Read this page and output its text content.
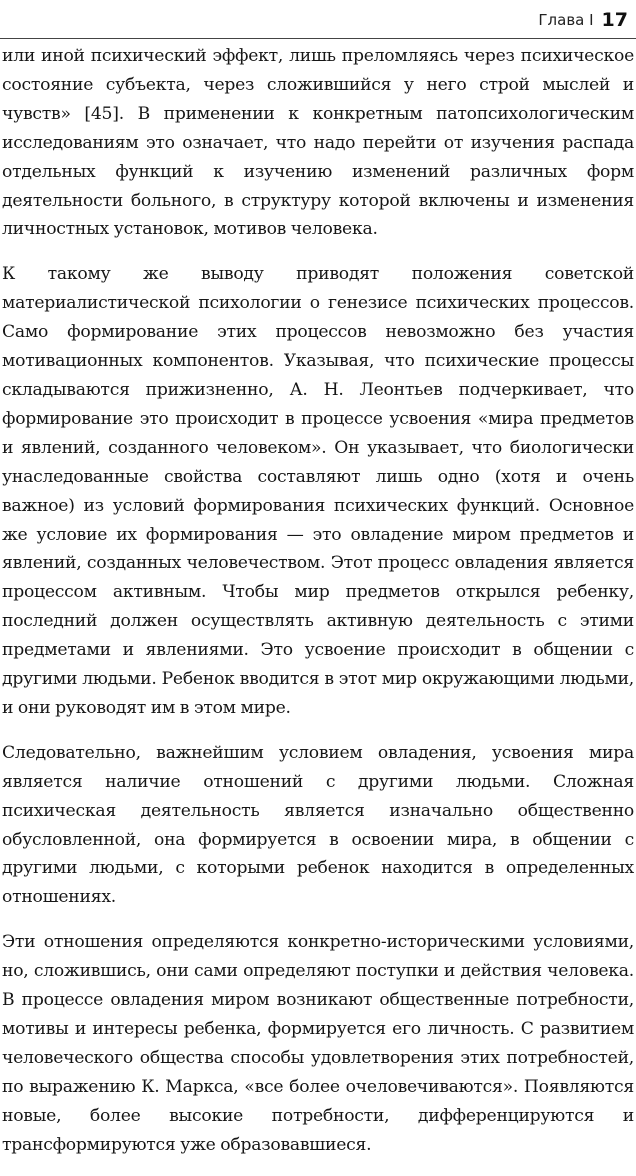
Глава I 17

или иной психический эффект, лишь преломляясь через психическое состояние субъекта, через сложившийся у него строй мыслей и чувств» [45]. В применении к конкретным патопсихологическим исследованиям это означает, что надо перейти от изучения распада отдельных функций к изучению изменений различных форм деятельности больного, в структуру которой включены и изменения личностных установок, мотивов человека.

К такому же выводу приводят положения советской материалистической психологии о генезисе психических процессов. Само формирование этих процессов невозможно без участия мотивационных компонентов. Указывая, что психические процессы складываются прижизненно, А. Н. Леонтьев подчеркивает, что формирование это происходит в процессе усвоения «мира предметов и явлений, созданного человеком». Он указывает, что биологически унаследованные свойства составляют лишь одно (хотя и очень важное) из условий формирования психических функций. Основное же условие их формирования — это овладение миром предметов и явлений, созданных человечеством. Этот процесс овладения является процессом активным. Чтобы мир предметов открылся ребенку, последний должен осуществлять активную деятельность с этими предметами и явлениями. Это усвоение происходит в общении с другими людьми. Ребенок вводится в этот мир окружающими людьми, и они руководят им в этом мире.

Следовательно, важнейшим условием овладения, усвоения мира является наличие отношений с другими людьми. Сложная психическая деятельность является изначально общественно обусловленной, она формируется в освоении мира, в общении с другими людьми, с которыми ребенок находится в определенных отношениях.

Эти отношения определяются конкретно-историческими условиями, но, сложившись, они сами определяют поступки и действия человека. В процессе овладения миром возникают общественные потребности, мотивы и интересы ребенка, формируется его личность. С развитием человеческого общества способы удовлетворения этих потребностей, по выражению К. Маркса, «все более очеловечиваются». Появляются новые, более высокие потребности, дифференцируются и трансформируются уже образовавшиеся.
